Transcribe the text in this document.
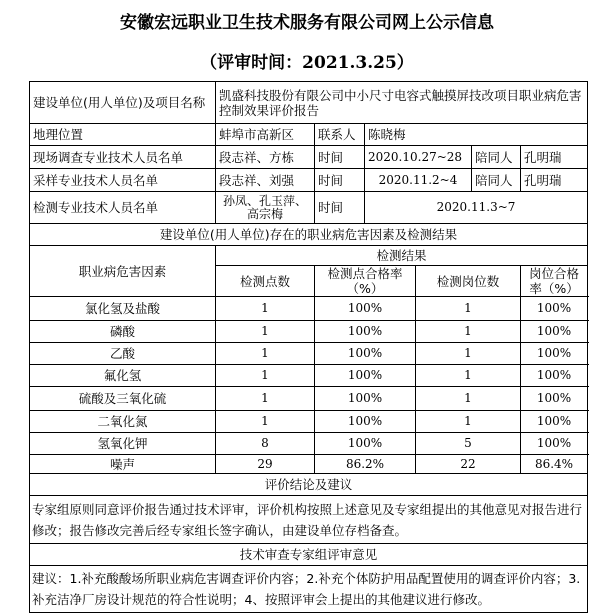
安徽宏远职业卫生技术服务有限公司网上公示信息
（评审时间：2021.3.25）
建设单位(用人单位)及项目名称	凯盛科技股份有限公司中小尺寸电容式触摸屏技改项目职业病危害控制效果评价报告					
地理位置	蚌埠市高新区	联系人	陈晓梅			
现场调查专业技术人员名单	段志祥、方栋	时间	2020.10.27~28		陪同人	孔明瑞
采样专业技术人员名单	段志祥、刘强	时间	2020.11.2~4		陪同人	孔明瑞
检测专业技术人员名单	孙凤、孔玉萍、高宗梅	时间	2020.11.3~7			
建设单位(用人单位)存在的职业病危害因素及检测结果						
职业病危害因素	检测结果					
	检测点数	检测点合格率（%）		检测岗位数		岗位合格率（%）
氯化氢及盐酸	1	100%		1		100%
磷酸	1	100%		1		100%
乙酸	1	100%		1		100%
氟化氢	1	100%		1		100%
硫酸及三氧化硫	1	100%		1		100%
二氧化氮	1	100%		1		100%
氢氧化钾	8	100%		5		100%
噪声	29	86.2%		22		86.4%
评价结论及建议						
专家组原则同意评价报告通过技术评审，评价机构按照上述意见及专家组提出的其他意见对报告进行修改；报告修改完善后经专家组长签字确认，由建设单位存档备查。						
技术审查专家组评审意见						
建议：1.补充酸酸场所职业病危害调查评价内容；2.补充个体防护用品配置使用的调查评价内容；3.补充洁净厂房设计规范的符合性说明；4、按照评审会上提出的其他建议进行修改。						
